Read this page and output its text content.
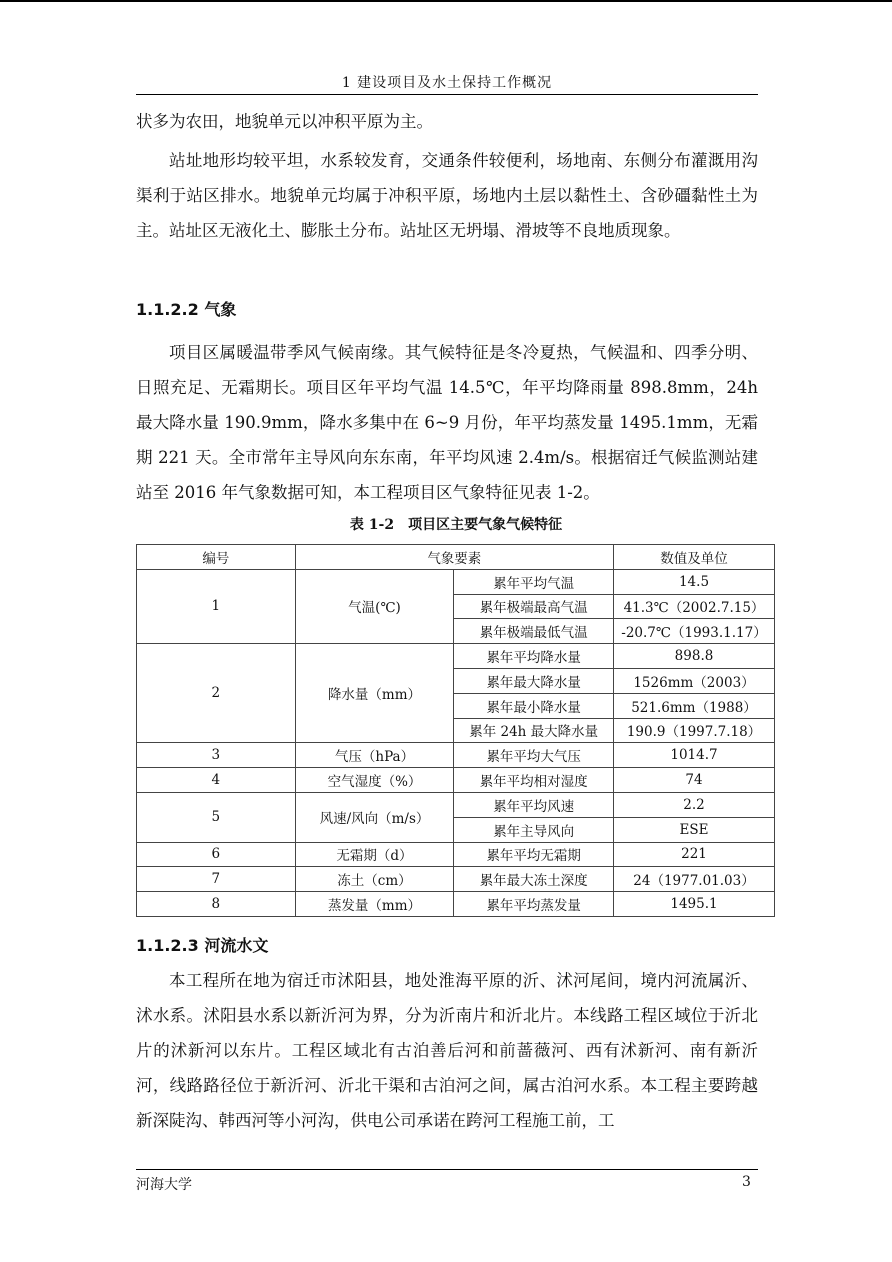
1 建设项目及水土保持工作概况
状多为农田，地貌单元以冲积平原为主。
站址地形均较平坦，水系较发育，交通条件较便利，场地南、东侧分布灌溉用沟渠利于站区排水。地貌单元均属于冲积平原，场地内土层以黏性土、含砂礓黏性土为主。站址区无液化土、膨胀土分布。站址区无坍塌、滑坡等不良地质现象。
1.1.2.2 气象
项目区属暖温带季风气候南缘。其气候特征是冬冷夏热，气候温和、四季分明、日照充足、无霜期长。项目区年平均气温 14.5℃，年平均降雨量 898.8mm，24h 最大降水量 190.9mm，降水多集中在 6~9 月份，年平均蒸发量 1495.1mm，无霜期 221 天。全市常年主导风向东东南，年平均风速 2.4m/s。根据宿迁气候监测站建站至 2016 年气象数据可知，本工程项目区气象特征见表 1-2。
表 1-2　项目区主要气象气候特征
编号	气象要素		数值及单位
1	气温(℃)	累年平均气温	14.5
		累年极端最高气温	41.3℃（2002.7.15）
		累年极端最低气温	-20.7℃（1993.1.17）
2	降水量（mm）	累年平均降水量	898.8
		累年最大降水量	1526mm（2003）
		累年最小降水量	521.6mm（1988）
		累年 24h 最大降水量	190.9（1997.7.18）
3	气压（hPa）	累年平均大气压	1014.7
4	空气湿度（%）	累年平均相对湿度	74
5	风速/风向（m/s）	累年平均风速	2.2
		累年主导风向	ESE
6	无霜期（d）	累年平均无霜期	221
7	冻土（cm）	累年最大冻土深度	24（1977.01.03）
8	蒸发量（mm）	累年平均蒸发量	1495.1
1.1.2.3 河流水文
本工程所在地为宿迁市沭阳县，地处淮海平原的沂、沭河尾间，境内河流属沂、沭水系。沭阳县水系以新沂河为界，分为沂南片和沂北片。本线路工程区域位于沂北片的沭新河以东片。工程区域北有古泊善后河和前蔷薇河、西有沭新河、南有新沂河，线路路径位于新沂河、沂北干渠和古泊河之间，属古泊河水系。本工程主要跨越新深陡沟、韩西河等小河沟，供电公司承诺在跨河工程施工前，工
河海大学	3
